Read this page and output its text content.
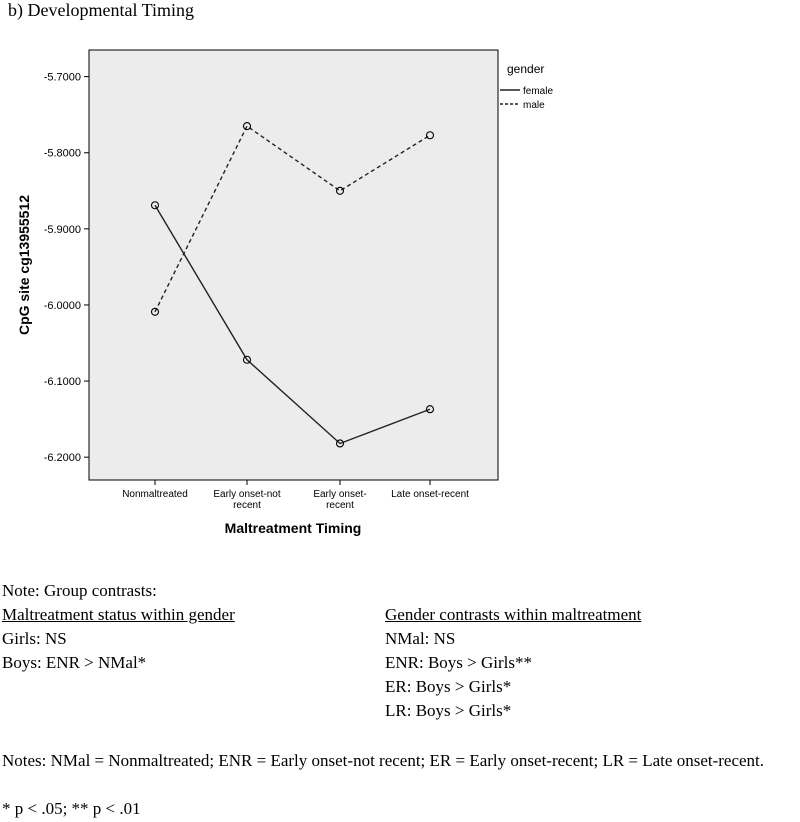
b) Developmental Timing
-5.7000
-5.8000
-5.9000
-6.0000
-6.1000
-6.2000
Nonmaltreated	Early onset-not
recent
Early onset-
recent
Late onset-recent
CpG site cg13955512
Maltreatment Timing
gender
female
male
Note: Group contrasts:
Maltreatment status within gender
Girls: NS
Boys: ENR > NMal*
Gender contrasts within maltreatment
NMal: NS
ENR: Boys > Girls**
ER: Boys > Girls*
LR: Boys > Girls*
Notes: NMal = Nonmaltreated; ENR = Early onset-not recent; ER = Early onset-recent; LR = Late onset-recent.
* p < .05; ** p < .01
